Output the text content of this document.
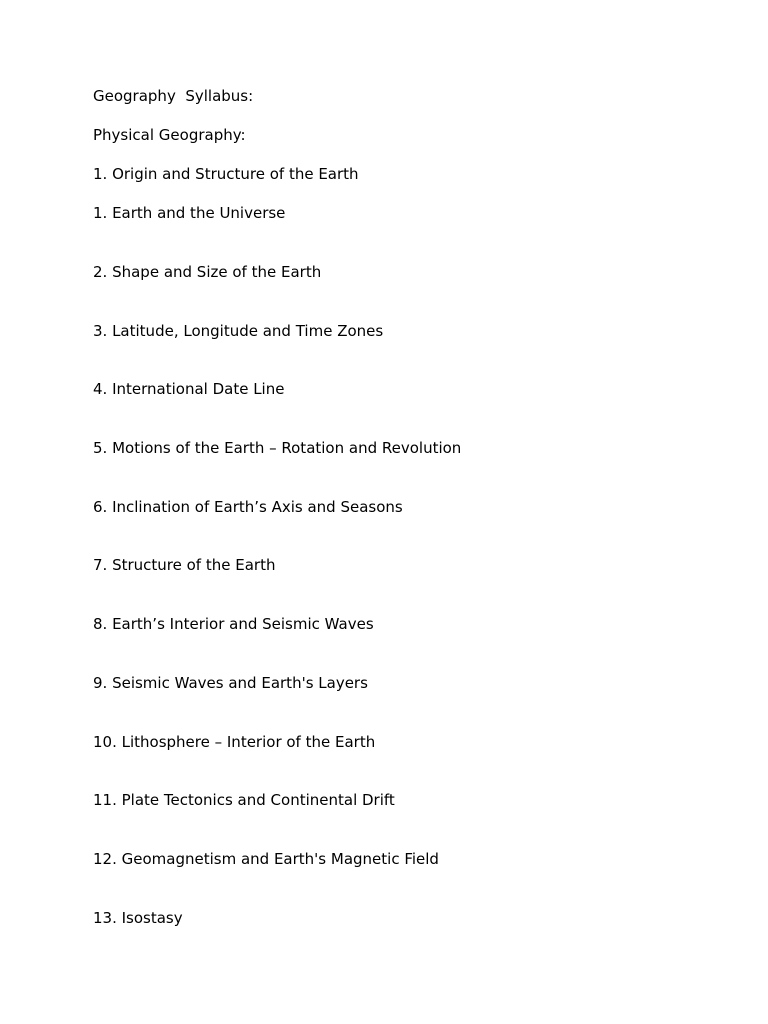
Geography  Syllabus:

Physical Geography:

1. Origin and Structure of the Earth

1. Earth and the Universe

2. Shape and Size of the Earth

3. Latitude, Longitude and Time Zones

4. International Date Line

5. Motions of the Earth – Rotation and Revolution

6. Inclination of Earth’s Axis and Seasons

7. Structure of the Earth

8. Earth’s Interior and Seismic Waves

9. Seismic Waves and Earth's Layers

10. Lithosphere – Interior of the Earth

11. Plate Tectonics and Continental Drift

12. Geomagnetism and Earth's Magnetic Field

13. Isostasy
